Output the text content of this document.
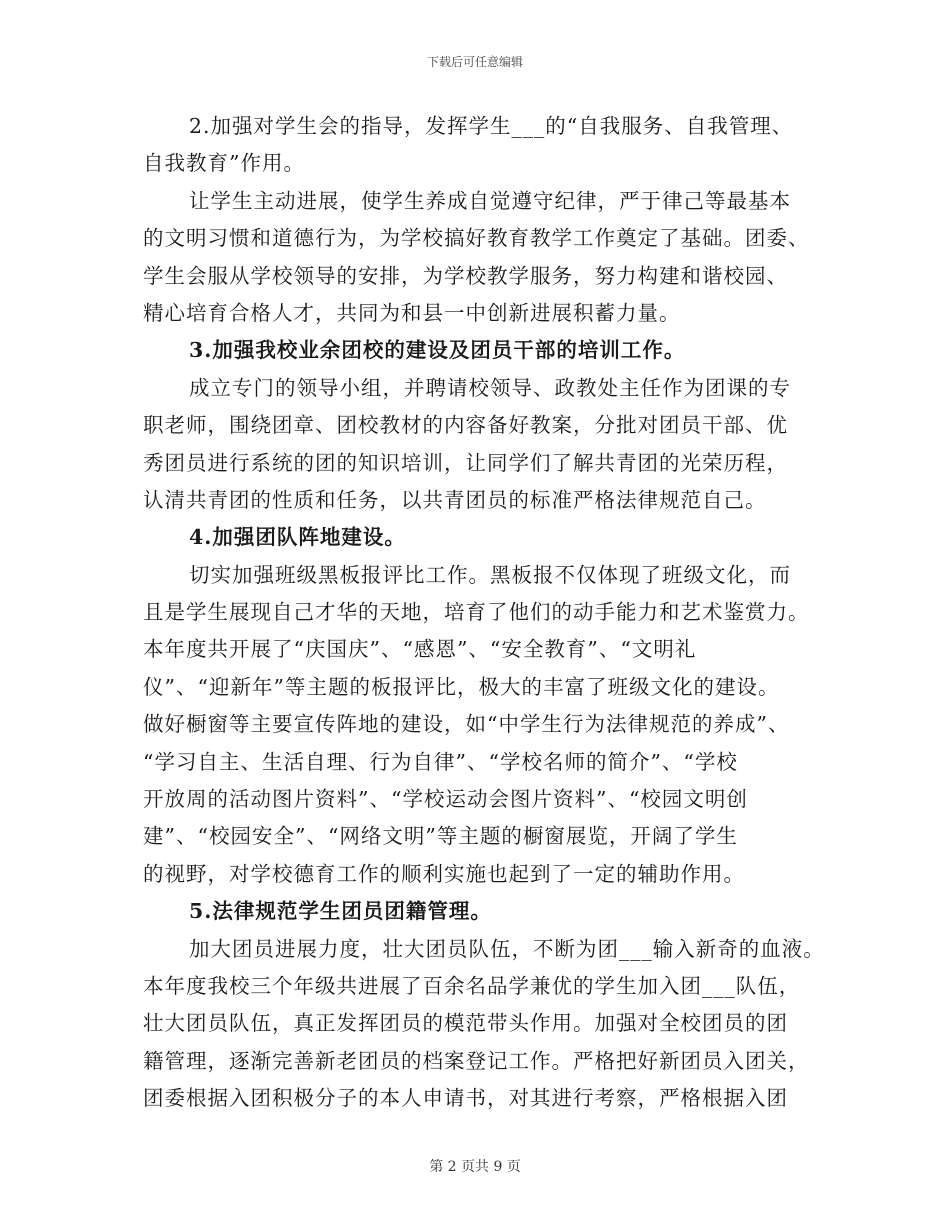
下载后可任意编辑
2.加强对学生会的指导，发挥学生___的“自我服务、自我管理、
自我教育”作用。
让学生主动进展，使学生养成自觉遵守纪律，严于律己等最基本
的文明习惯和道德行为，为学校搞好教育教学工作奠定了基础。团委、
学生会服从学校领导的安排，为学校教学服务，努力构建和谐校园、
精心培育合格人才，共同为和县一中创新进展积蓄力量。
3.加强我校业余团校的建设及团员干部的培训工作。
成立专门的领导小组，并聘请校领导、政教处主任作为团课的专
职老师，围绕团章、团校教材的内容备好教案，分批对团员干部、优
秀团员进行系统的团的知识培训，让同学们了解共青团的光荣历程，
认清共青团的性质和任务，以共青团员的标准严格法律规范自己。
4.加强团队阵地建设。
切实加强班级黑板报评比工作。黑板报不仅体现了班级文化，而
且是学生展现自己才华的天地，培育了他们的动手能力和艺术鉴赏力。
本年度共开展了“庆国庆”、“感恩”、“安全教育”、“文明礼
仪”、“迎新年”等主题的板报评比，极大的丰富了班级文化的建设。
做好橱窗等主要宣传阵地的建设，如“中学生行为法律规范的养成”、
“学习自主、生活自理、行为自律”、“学校名师的简介”、“学校
开放周的活动图片资料”、“学校运动会图片资料”、“校园文明创
建”、“校园安全”、“网络文明”等主题的橱窗展览，开阔了学生
的视野，对学校德育工作的顺利实施也起到了一定的辅助作用。
5.法律规范学生团员团籍管理。
加大团员进展力度，壮大团员队伍，不断为团___输入新奇的血液。
本年度我校三个年级共进展了百余名品学兼优的学生加入团___队伍，
壮大团员队伍，真正发挥团员的模范带头作用。加强对全校团员的团
籍管理，逐渐完善新老团员的档案登记工作。严格把好新团员入团关，
团委根据入团积极分子的本人申请书，对其进行考察，严格根据入团
第 2 页共 9 页
